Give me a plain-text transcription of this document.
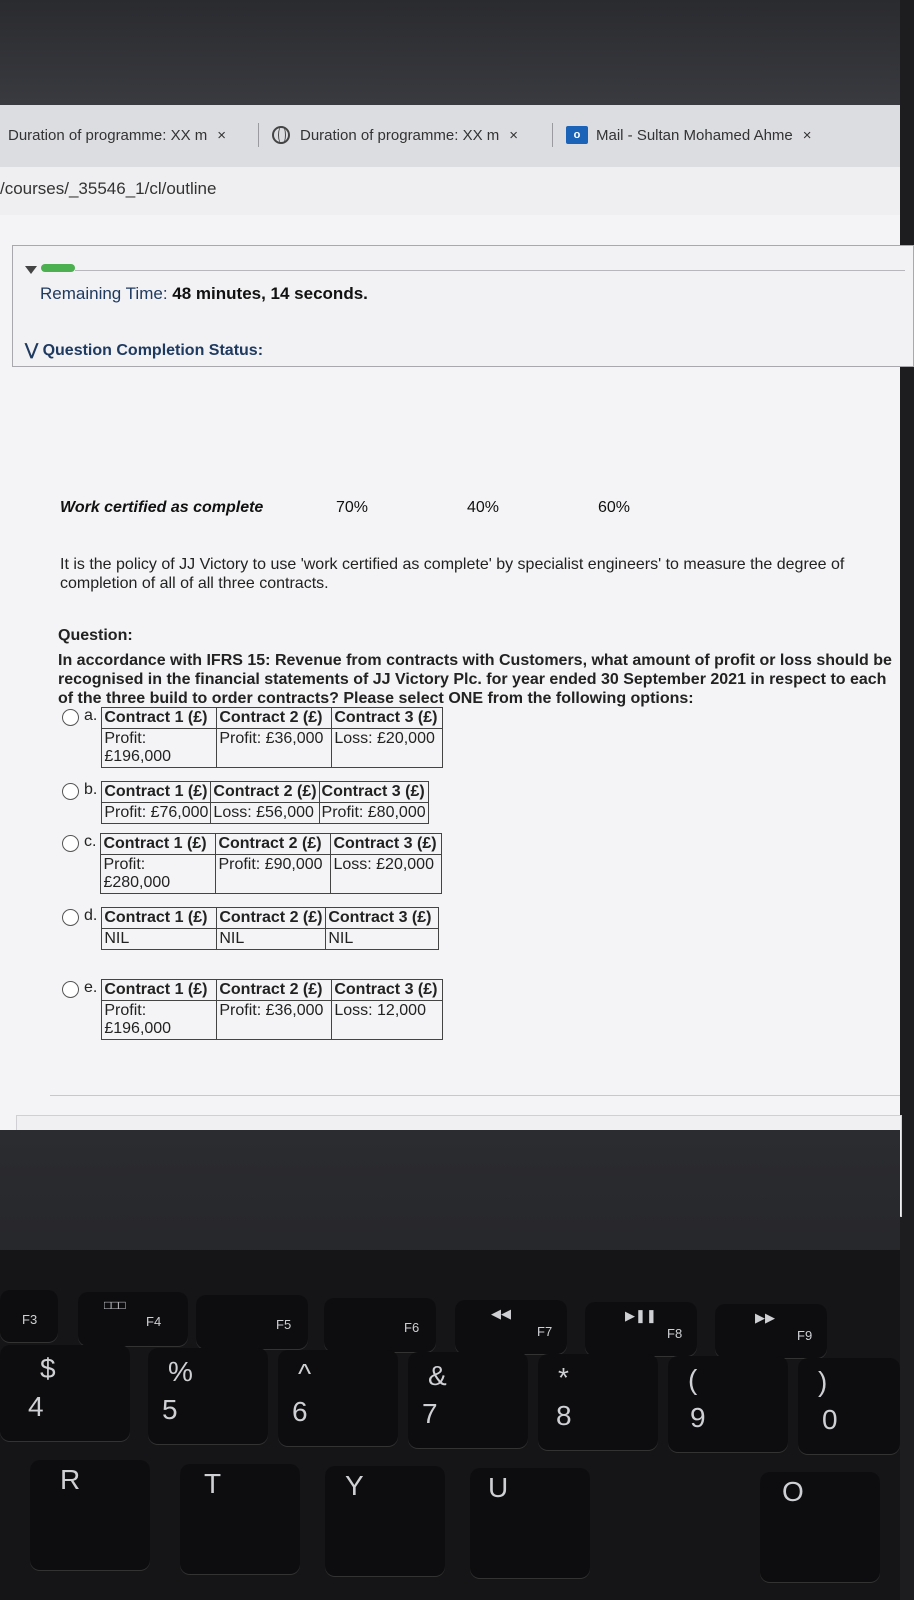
Duration of programme: XX m ×	Duration of programme: XX m ×	o	Mail - Sultan Mohamed Ahme ×
/courses/_35546_1/cl/outline
Remaining Time: 48 minutes, 14 seconds.
⋁ Question Completion Status:
Work certified as complete	70%	40%	60%
It is the policy of JJ Victory to use 'work certified as complete' by specialist engineers' to measure the degree of completion of all of all three contracts.
Question:
In accordance with IFRS 15: Revenue from contracts with Customers, what amount of profit or loss should be recognised in the financial statements of JJ Victory Plc. for year ended 30 September 2021 in respect to each of the three build to order contracts? Please select ONE from the following options:
a. Contract 1 (£)	Contract 2 (£)	Contract 3 (£)
Profit: £196,000	Profit: £36,000	Loss: £20,000
b. Contract 1 (£)	Contract 2 (£)	Contract 3 (£)
Profit: £76,000	Loss: £56,000	Profit: £80,000
c. Contract 1 (£)	Contract 2 (£)	Contract 3 (£)
Profit: £280,000	Profit: £90,000	Loss: £20,000
d. Contract 1 (£)	Contract 2 (£)	Contract 3 (£)
NIL	NIL	NIL
e. Contract 1 (£)	Contract 2 (£)	Contract 3 (£)
Profit: £196,000	Profit: £36,000	Loss: 12,000
F3
□□□
F4	F5	F6
◀◀
F7
▶❚❚
F8
▶▶
F9
$
4
%
5
^
6
&
7
*
8
(
9
)
0
R	T	Y	U	O
